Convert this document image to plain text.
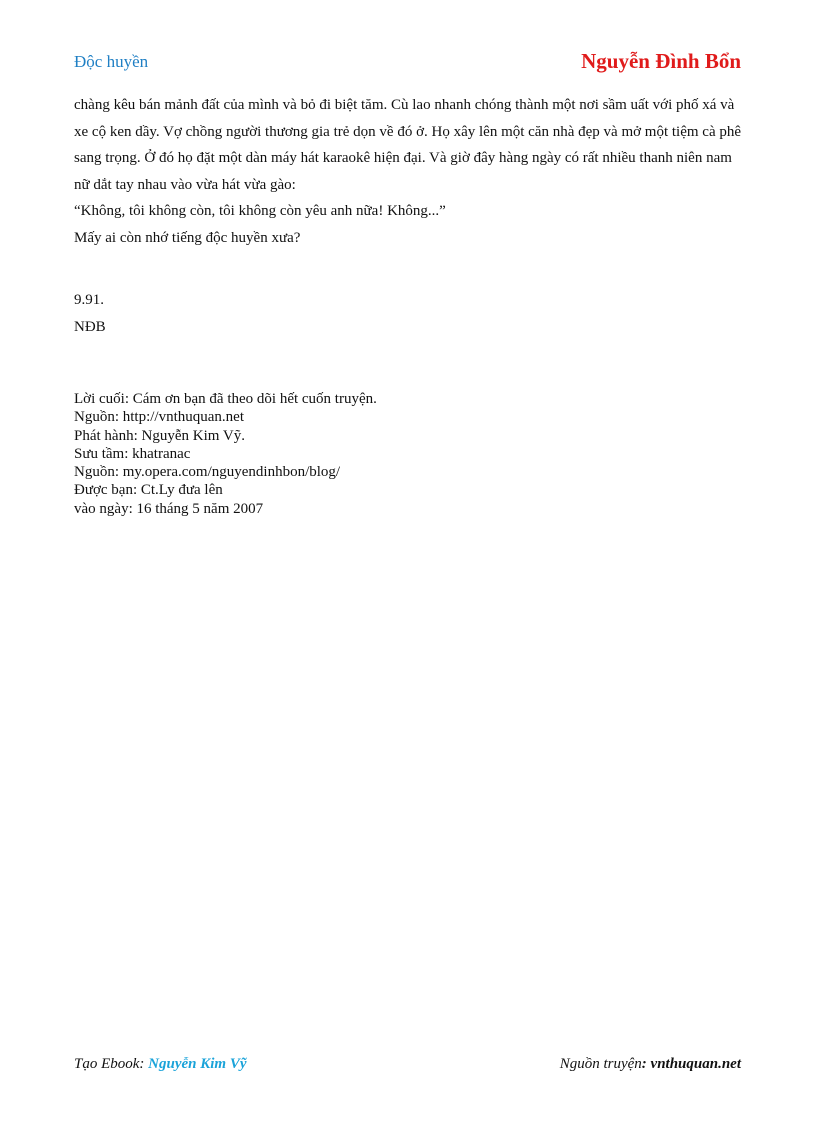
Độc huyền	Nguyễn Đình Bổn

chàng kêu bán mảnh đất của mình và bỏ đi biệt tăm. Cù lao nhanh chóng thành một nơi sầm uất với phố xá và xe cộ ken dầy. Vợ chồng người thương gia trẻ dọn về đó ở. Họ xây lên một căn nhà đẹp và mở một tiệm cà phê sang trọng. Ở đó họ đặt một dàn máy hát karaokê hiện đại. Và giờ đây hàng ngày có rất nhiều thanh niên nam nữ dắt tay nhau vào vừa hát vừa gào:

“Không, tôi không còn, tôi không còn yêu anh nữa! Không...”

Mấy ai còn nhớ tiếng độc huyền xưa?

9.91.

NĐB

Lời cuối: Cám ơn bạn đã theo dõi hết cuốn truyện.

Nguồn: http://vnthuquan.net

Phát hành: Nguyễn Kim Vỹ.

Sưu tầm: khatranac

Nguồn: my.opera.com/nguyendinhbon/blog/

Được bạn: Ct.Ly đưa lên

vào ngày: 16 tháng 5 năm 2007

Tạo Ebook: Nguyễn Kim Vỹ	Nguồn truyện: vnthuquan.net
